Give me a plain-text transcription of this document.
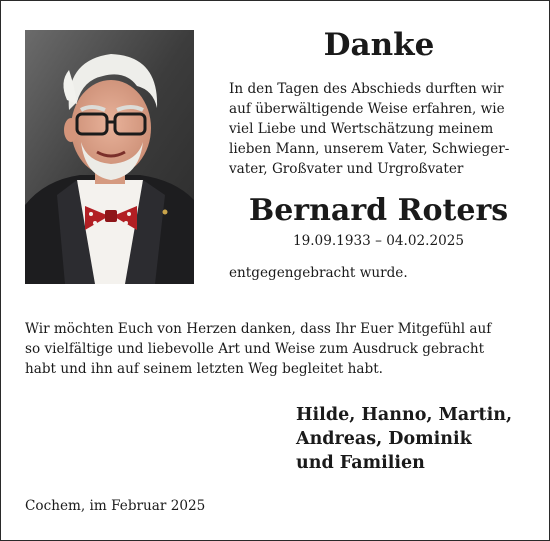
Danke
In den Tagen des Abschieds durften wir
auf überwältigende Weise erfahren, wie
viel Liebe und Wertschätzung meinem
lieben Mann, unserem Vater, Schwieger-
vater, Großvater und Urgroßvater
Bernard Roters
19.09.1933 – 04.02.2025
entgegengebracht wurde.
Wir möchten Euch von Herzen danken, dass Ihr Euer Mitgefühl auf
so vielfältige und liebevolle Art und Weise zum Ausdruck gebracht
habt und ihn auf seinem letzten Weg begleitet habt.
Hilde, Hanno, Martin,
Andreas, Dominik
und Familien
Cochem, im Februar 2025
